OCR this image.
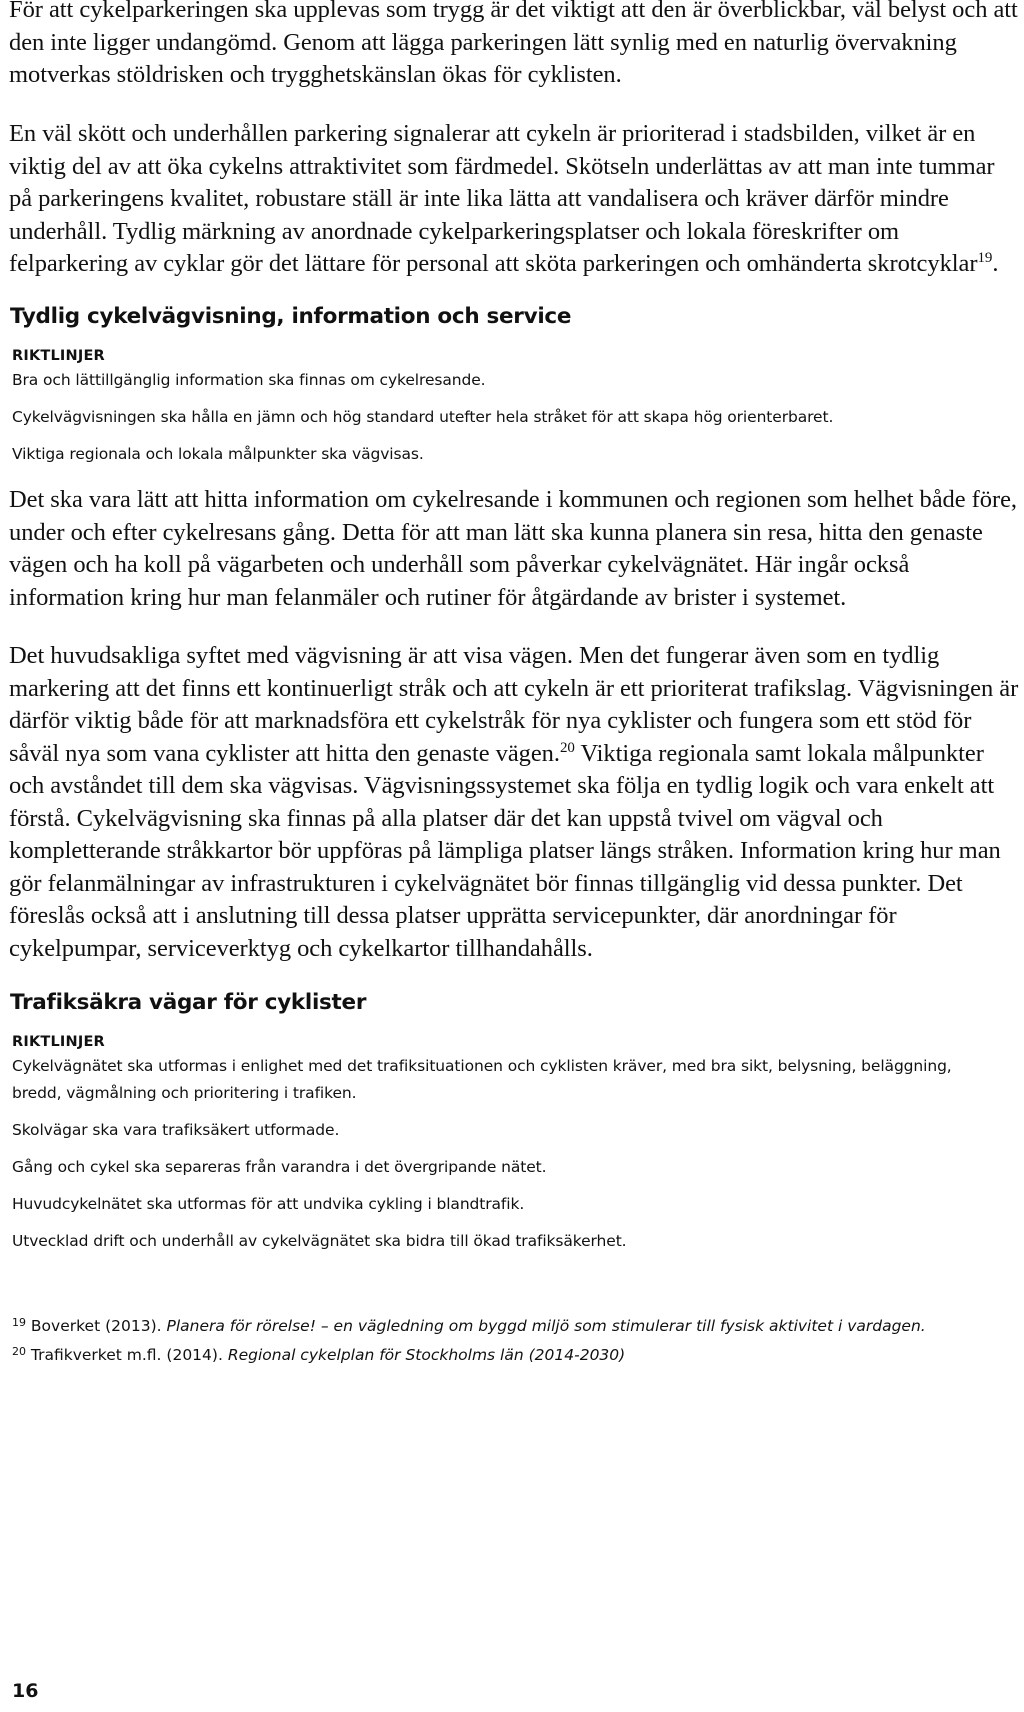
För att cykelparkeringen ska upplevas som trygg är det viktigt att den är överblickbar, väl belyst och att den inte ligger undangömd. Genom att lägga parkeringen lätt synlig med en naturlig övervakning motverkas stöldrisken och trygghetskänslan ökas för cyklisten.

En väl skött och underhållen parkering signalerar att cykeln är prioriterad i stadsbilden, vilket är en viktig del av att öka cykelns attraktivitet som färdmedel. Skötseln underlättas av att man inte tummar på parkeringens kvalitet, robustare ställ är inte lika lätta att vandalisera och kräver därför mindre underhåll. Tydlig märkning av anordnade cykelparkeringsplatser och lokala föreskrifter om felparkering av cyklar gör det lättare för personal att sköta parkeringen och omhänderta skrotcyklar$^{19}$.

Tydlig cykelvägvisning, information och service
RIKTLINJER

Bra och lättillgänglig information ska finnas om cykelresande.

Cykelvägvisningen ska hålla en jämn och hög standard utefter hela stråket för att skapa hög orienterbaret.

Viktiga regionala och lokala målpunkter ska vägvisas.

Det ska vara lätt att hitta information om cykelresande i kommunen och regionen som helhet både före, under och efter cykelresans gång. Detta för att man lätt ska kunna planera sin resa, hitta den genaste vägen och ha koll på vägarbeten och underhåll som påverkar cykelvägnätet. Här ingår också information kring hur man felanmäler och rutiner för åtgärdande av brister i systemet.

Det huvudsakliga syftet med vägvisning är att visa vägen. Men det fungerar även som en tydlig markering att det finns ett kontinuerligt stråk och att cykeln är ett prioriterat trafikslag. Vägvisningen är därför viktig både för att marknadsföra ett cykelstråk för nya cyklister och fungera som ett stöd för såväl nya som vana cyklister att hitta den genaste vägen.$^{20}$ Viktiga regionala samt lokala målpunkter och avståndet till dem ska vägvisas. Vägvisningssystemet ska följa en tydlig logik och vara enkelt att förstå. Cykelvägvisning ska finnas på alla platser där det kan uppstå tvivel om vägval och kompletterande stråkkartor bör uppföras på lämpliga platser längs stråken. Information kring hur man gör felanmälningar av infrastrukturen i cykelvägnätet bör finnas tillgänglig vid dessa punkter. Det föreslås också att i anslutning till dessa platser upprätta servicepunkter, där anordningar för cykelpumpar, serviceverktyg och cykelkartor tillhandahålls.

Trafiksäkra vägar för cyklister
RIKTLINJER

Cykelvägnätet ska utformas i enlighet med det trafiksituationen och cyklisten kräver, med bra sikt, belysning, beläggning, bredd, vägmålning och prioritering i trafiken.

Skolvägar ska vara trafiksäkert utformade.

Gång och cykel ska separeras från varandra i det övergripande nätet.

Huvudcykelnätet ska utformas för att undvika cykling i blandtrafik.

Utvecklad drift och underhåll av cykelvägnätet ska bidra till ökad trafiksäkerhet.

$^{19}$ Boverket (2013). Planera för rörelse! – en vägledning om byggd miljö som stimulerar till fysisk aktivitet i vardagen.

$^{20}$ Trafikverket m.fl. (2014). Regional cykelplan för Stockholms län (2014-2030)

16
